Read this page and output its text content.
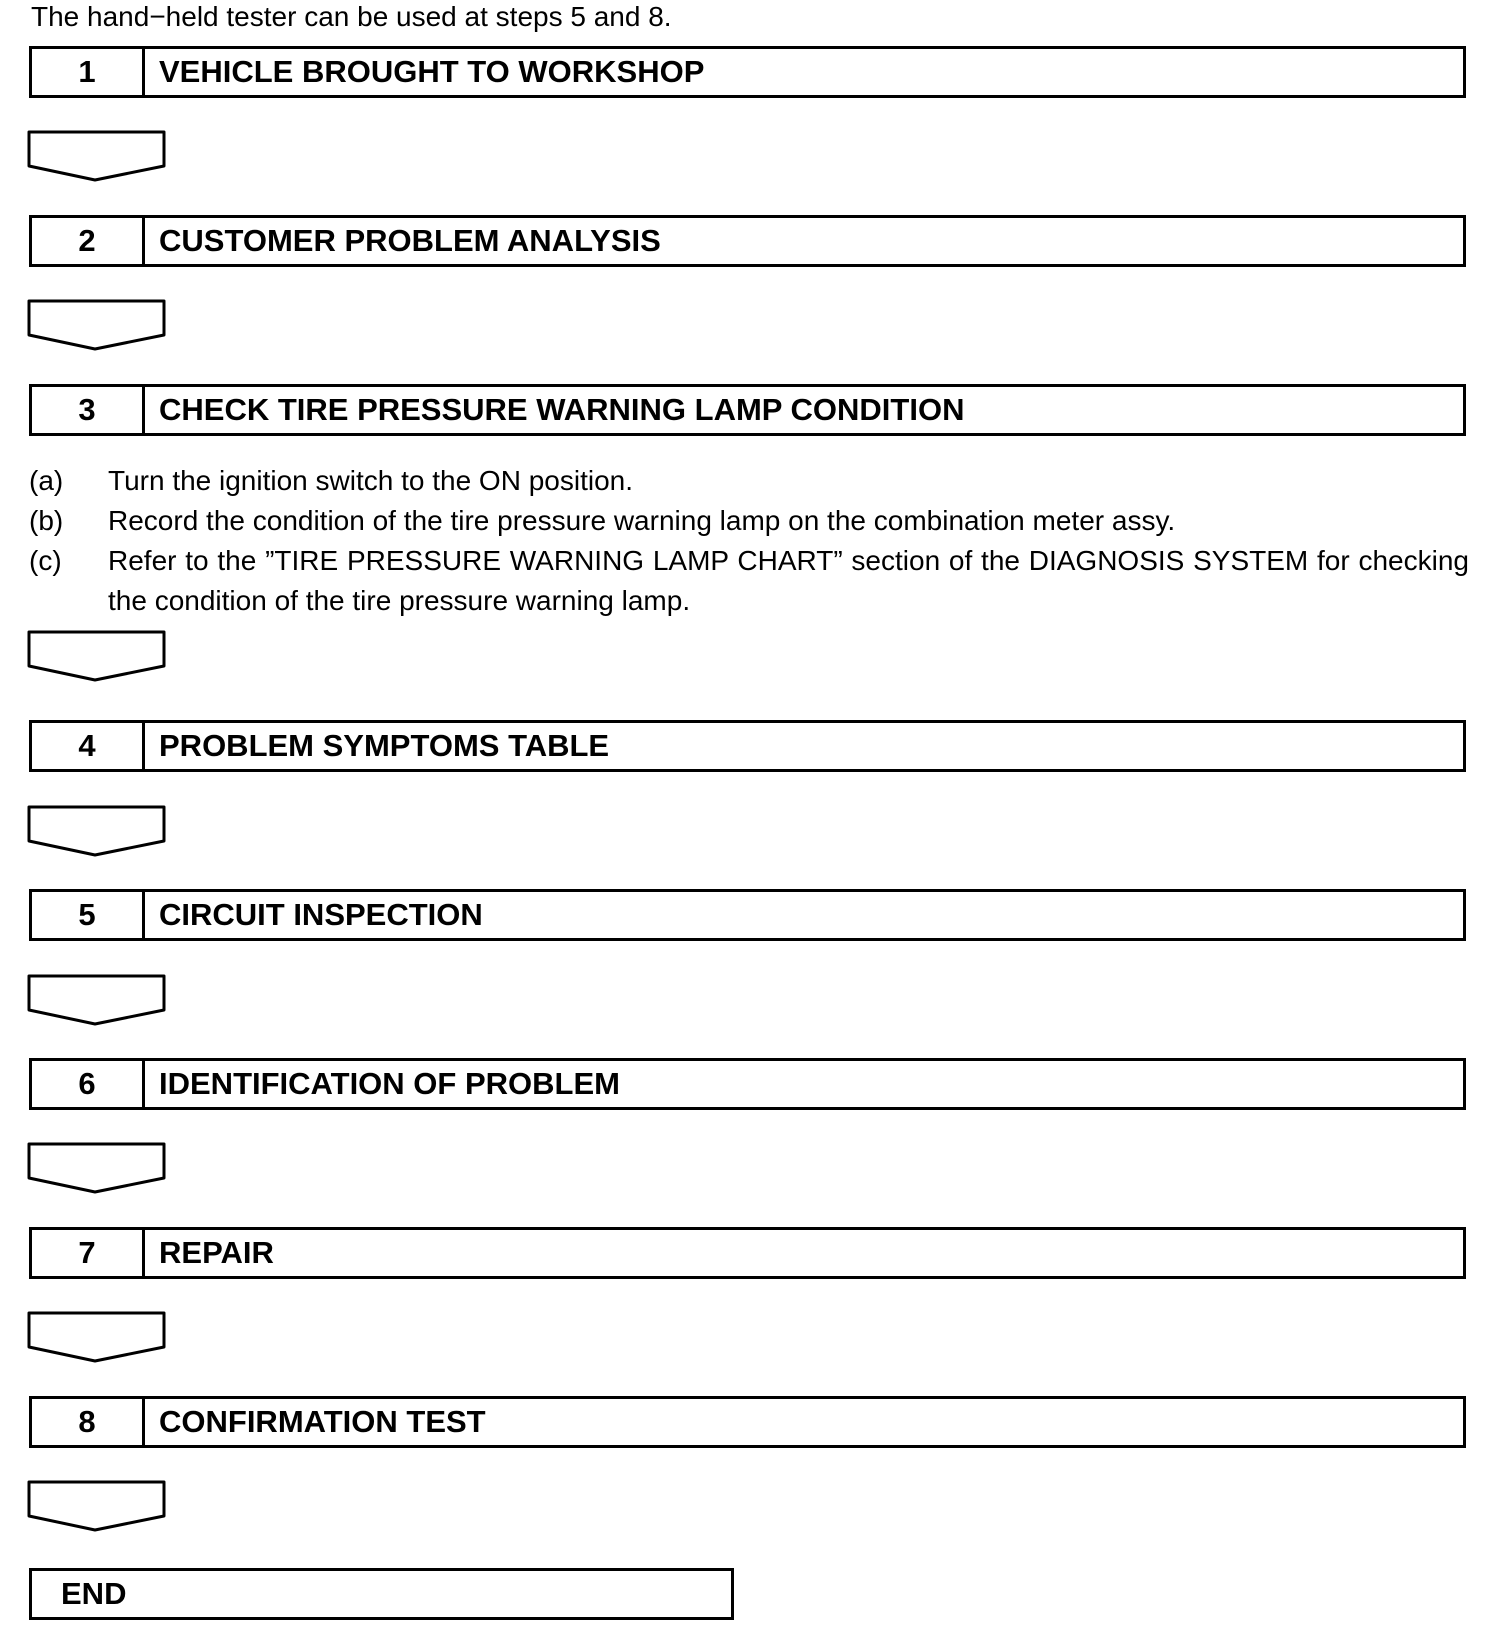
The hand−held tester can be used at steps 5 and 8.
1	VEHICLE BROUGHT TO WORKSHOP
2	CUSTOMER PROBLEM ANALYSIS
3	CHECK TIRE PRESSURE WARNING LAMP CONDITION
(a)	Turn the ignition switch to the ON position.
(b)	Record the condition of the tire pressure warning lamp on the combination meter assy.
(c)	Refer to the ”TIRE PRESSURE WARNING LAMP CHART” section of the DIAGNOSIS SYSTEM for checking the condition of the tire pressure warning lamp.
4	PROBLEM SYMPTOMS TABLE
5	CIRCUIT INSPECTION
6	IDENTIFICATION OF PROBLEM
7	REPAIR
8	CONFIRMATION TEST
END
